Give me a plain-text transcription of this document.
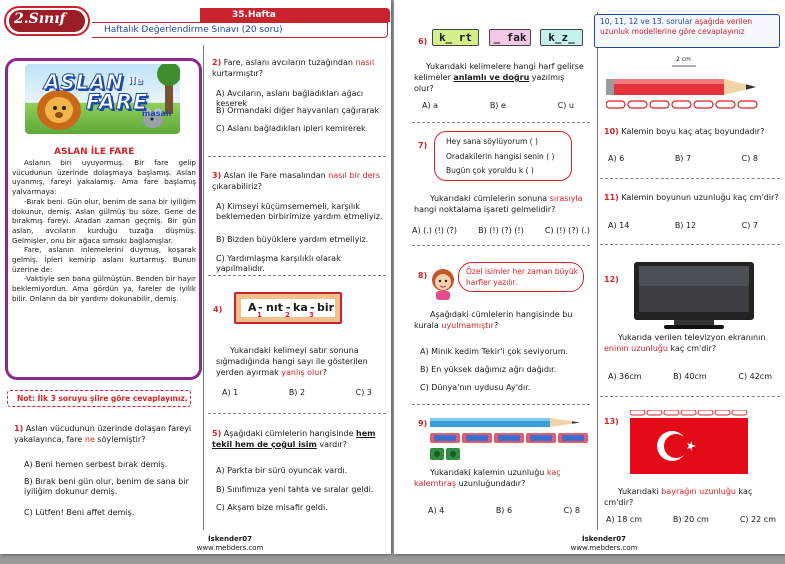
2.Sınıf	35.Hafta
Haftalık Değerlendirme Sınavı (20 soru)
ASLAN ile
FARE
masalı
ASLAN İLE FARE

Aslanın biri uyuyormuş. Bir fare gelip vücudunun üzerinde dolaşmaya başlamış. Aslan uyanmış, fareyi yakalamış. Ama fare başlamış yalvarmaya:

-Bırak beni. Gün olur, benim de sana bir iyiliğim dokunur, demiş. Aslan gülmüş bu söze. Gene de bırakmış fareyi. Aradan zaman geçmiş. Bir gün aslan, avcıların kurduğu tuzağa düşmüş. Gelmişler, onu bir ağaca sımsıkı bağlamışlar.

Fare, aslanın inlemelerini duymuş, koşarak gelmiş. İpleri kemirip aslanı kurtarmış. Bunun üzerine de:

-Vaktiyle sen bana gülmüştün. Benden bir hayır beklemiyordun. Ama gördün ya, fareler de iyilik bilir. Onların da bir yardımı dokunabilir, demiş.

Not: İlk 3 soruyu şiire göre cevaplayınız.
1) Aslan vücudunun üzerinde dolaşan fareyi yakalayınca, fare ne söylemiştir?
A) Beni hemen serbest bırak demiş.
B) Bırak beni gün olur, benim de sana bir iyiliğim dokunur demiş.
C) Lütfen! Beni affet demiş.
2) Fare, aslanı avcıların tuzağından nasıl kurtarmıştır?
A) Avcıların, aslanı bağladıkları ağacı keserek
B) Ormandaki diğer hayvanları çağırarak
C) Aslanı bağladıkları ipleri kemirerek
3) Aslan ile Fare masalından nasıl bir ders çıkarabiliriz?
A) Kimseyi küçümsememeli, karşılık beklemeden birbirimize yardım etmeliyiz.
B) Bizden büyüklere yardım etmeliyiz.
C) Yardımlaşma karşılıklı olarak yapılmalıdır.
4) A - nıt - ka - bir
1	2	3
Yukarıdaki kelimeyi satır sonuna sığmadığında hangi sayı ile gösterilen yerden ayırmak yanlış olur?
A) 1	B) 2	C) 3
5) Aşağıdaki cümlelerin hangisinde hem tekil hem de çoğul isim vardır?
A) Parkta bir sürü oyuncak vardı.
B) Sınıfımıza yeni tahta ve sıralar geldi.
C) Akşam bize misafir geldi.
İskender07
www.mebders.com
6)	k_ rt	_ fak	k_z_
Yukarıdaki kelimelere hangi harf gelirse kelimeler anlamlı ve doğru yazılmış olur?
A) a	B) e	C) u
7)	Hey sana söylüyorum ( )
Oradakilerin hangisi senin ( )
Bugün çok yoruldu k ( )
Yukarıdaki cümlelerin sonuna sırasıyla hangi noktalama işareti gelmelidir?
A) (.) (!) (?)	B) (!) (?) (!)	C) (!) (?) (.)
8)	Özel isimler her zaman büyük harfler yazılır.
Aşağıdaki cümlelerin hangisinde bu kurala uyulmamıştır?
A) Minik kedim Tekir'i çok seviyorum.
B) En yüksek dağımız ağrı dağıdır.
C) Dünya'nın uydusu Ay'dır.
9)
Yukarıdaki kalemin uzunluğu kaç kalemtıraş uzunluğundadır?
A) 4	B) 6	C) 8
İskender07
www.mebders.com
10, 11, 12 ve 13. sorular aşağıda verilen uzunluk modellerine göre cevaplayınız
2 cm
10) Kalemin boyu kaç ataç boyundadır?
A) 6	B) 7	C) 8
11) Kalemin boyunun uzunluğu kaç cm'dir?
A) 14	B) 12	C) 7
12)
Yukarıda verilen televizyon ekranının eninin uzunluğu kaç cm'dir?
A) 36cm	B) 40cm	C) 42cm
13)
Yukarıdaki bayrağın uzunluğu kaç cm'dir?
A) 18 cm	B) 20 cm	C) 22 cm
